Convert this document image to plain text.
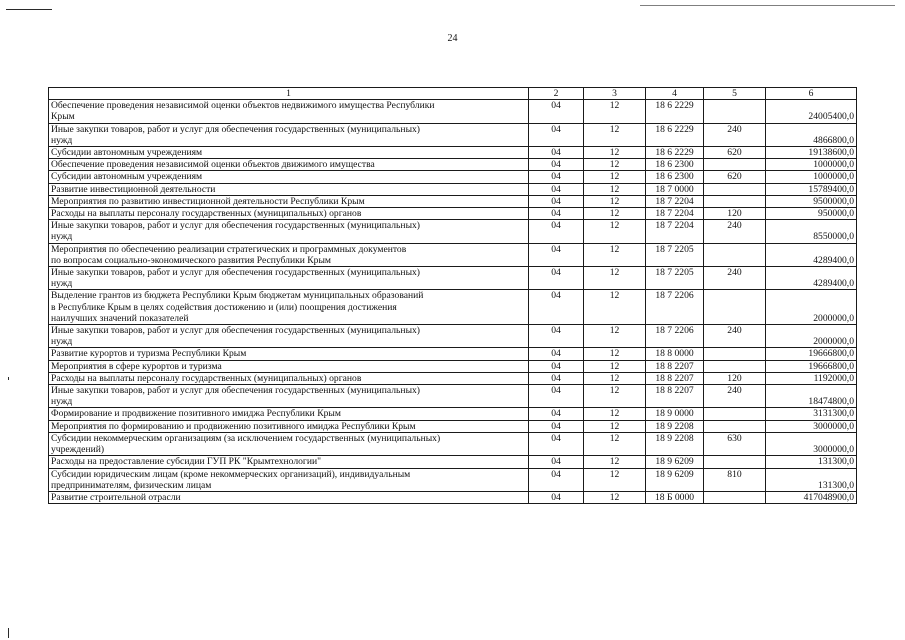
24
1	2	3	4	5	6
Обеспечение проведения независимой оценки объектов недвижимого имущества Республики
Крым	04	12	18 6 2229		24005400,0
Иные закупки товаров, работ и услуг для обеспечения государственных (муниципальных)
нужд	04	12	18 6 2229	240	4866800,0
Субсидии автономным учреждениям	04	12	18 6 2229	620	19138600,0
Обеспечение проведения независимой оценки объектов движимого имущества	04	12	18 6 2300		1000000,0
Субсидии автономным учреждениям	04	12	18 6 2300	620	1000000,0
Развитие инвестиционной деятельности	04	12	18 7 0000		15789400,0
Мероприятия по развитию инвестиционной деятельности Республики Крым	04	12	18 7 2204		9500000,0
Расходы на выплаты персоналу государственных (муниципальных) органов	04	12	18 7 2204	120	950000,0
Иные закупки товаров, работ и услуг для обеспечения государственных (муниципальных)
нужд	04	12	18 7 2204	240	8550000,0
Мероприятия по обеспечению реализации стратегических и программных документов
по вопросам социально-экономического развития Республики Крым	04	12	18 7 2205		4289400,0
Иные закупки товаров, работ и услуг для обеспечения государственных (муниципальных)
нужд	04	12	18 7 2205	240	4289400,0
Выделение грантов из бюджета Республики Крым бюджетам муниципальных образований
в Республике Крым в целях содействия достижению и (или) поощрения достижения
наилучших значений показателей	04	12	18 7 2206		2000000,0
Иные закупки товаров, работ и услуг для обеспечения государственных (муниципальных)
нужд	04	12	18 7 2206	240	2000000,0
Развитие курортов и туризма Республики Крым	04	12	18 8 0000		19666800,0
Мероприятия в сфере курортов и туризма	04	12	18 8 2207		19666800,0
Расходы на выплаты персоналу государственных (муниципальных) органов	04	12	18 8 2207	120	1192000,0
Иные закупки товаров, работ и услуг для обеспечения государственных (муниципальных)
нужд	04	12	18 8 2207	240	18474800,0
Формирование и продвижение позитивного имиджа Республики Крым	04	12	18 9 0000		3131300,0
Мероприятия по формированию и продвижению позитивного имиджа Республики Крым	04	12	18 9 2208		3000000,0
Субсидии некоммерческим организациям (за исключением государственных (муниципальных)
учреждений)	04	12	18 9 2208	630	3000000,0
Расходы на предоставление субсидии ГУП РК "Крымтехнологии"	04	12	18 9 6209		131300,0
Субсидии юридическим лицам (кроме некоммерческих организаций), индивидуальным
предпринимателям, физическим лицам	04	12	18 9 6209	810	131300,0
Развитие строительной отрасли	04	12	18 Б 0000		417048900,0
